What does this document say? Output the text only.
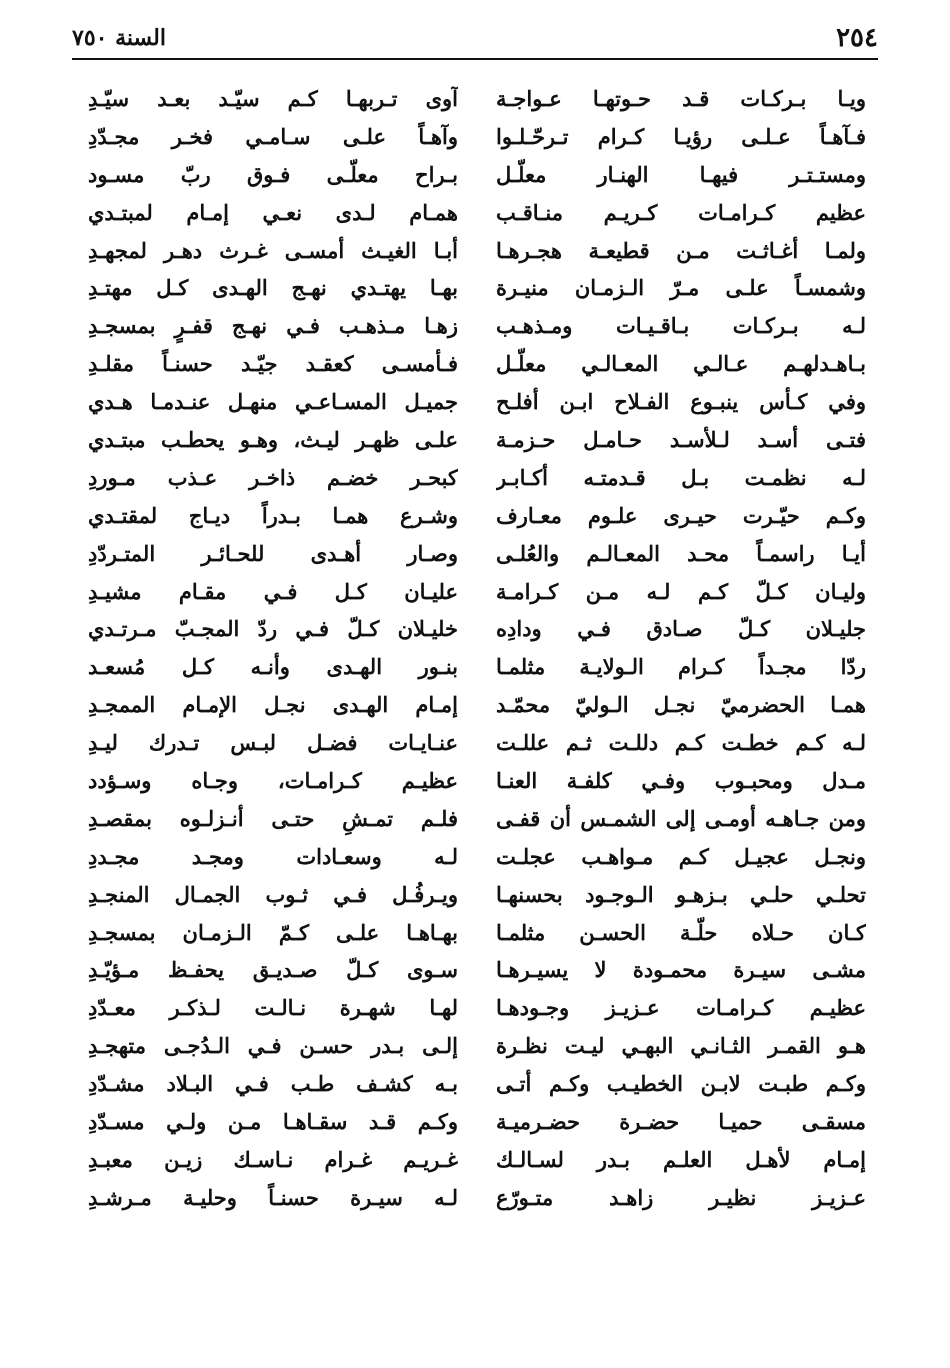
٢٥٤
السنة ٧٥٠
ويـا بـركـات قـد حـوتهـا عـواجـة
فـآهـاً عـلـى رؤيـا كـرام تـرحّـلـوا
ومستـتـر فيهـا الهنـار معلّـل
عظيم كـرامـات كـريـم منـاقـب
ولمـا أغـاثـت مـن قطيعـة هجـرهـا
وشمسـاً علـى مـرّ الـزمـان منيـرة
لـه بـركـات بـاقـيـات ومـذهـب
بـاهـدلهـم عـالـي المعـالـي معلّـل
وفي كـأس ينبـوع الفـلاح ابـن أفلـح
فتـى أسـد لـلأسـد حـامـل حـزمـة
لـه نظمـت بـل قـدمتـه أكـابـر
وكـم حيّـرت حيـرى علـوم معـارف
أيـا راسمـاً محـد المعـالـم والعُلـى
وليـان كـلّ كـم لـه مـن كـرامـة
جليـلان كـلّ صـادق فـي ودادِه
ردّا مجـداً كـرام الـولايـة مثلمـا
همـا الحضرميّ نجـل الـوليّ محمّـد
لـه كـم خطـت كـم دللـت ثـم عللـت
مـدل ومحبـوب وفـي كلفـة العنـا
ومن جـاهـه أومـى إلى الشمـس أن قفـى
ونجـل عجيـل كـم مـواهـب عجلـت
تحلـي حلـي بـزهـو الـوجـود بحسنهـا
كـان حـلاه حلّـة الحسـن مثلمـا
مشـى سيـرة محمـودة لا يسيـرهـا
عظيـم كـرامـات عـزيـز وجـودهـا
هـو القمـر الثـانـي البهـي ليـت نظـرة
وكـم طبـت لابـن الخطيـب وكـم أتـى
مسقـى حميـا حضـرة حضـرميـة
إمـام لأهـل العلـم بـدر لسـالـك
عـزيـز نظيـر زاهـد متـورّع
آوى تـربهـا كـم سيّـد بعـد سيّـدِ
وآهـاً علـى سـامـي فخـر مجـدّدِ
بـراح معلّـى فـوق ربّ مسـود
همـام لـدى نعـي إمـام لمبتـدي
أبـا الغيـث أمسـى غـرث دهـر لمجهـدِ
بهـا يهتـدي نهـج الهـدى كـل مهتـدِ
زهـا مـذهـب فـي نهـج قفـرٍ بمسجـدِ
فـأمسـى كعقـد جيّـد حسنـاً مقلـدِ
جميـل المسـاعـي منهـل عنـدمـا هـدي
علـى ظهـر ليـث، وهـو يحطـب مبتـدي
كبحـر خضـم ذاخـر عـذب مـوردِ
وشـرع همـا بـدراً ديـاج لمقتـدي
وصـار أهـدى للحـائـر المتـردّدِ
عليـان كـل فـي مقـام مشيـدِ
خليـلان كـلّ فـي ردّ المجـبّ مـرتـدي
بنـور الهـدى وأنـه كـل مُسعـد
إمـام الهـدى نجـل الإمـام الممجـدِ
عنـايـات فضـل لبـس تـدرك ليـدِ
عظيـم كـرامـات، وجـاه وسـؤدد
فلـم تمـشِ حتـى أنـزلـوه بمقصـدِ
لـه وسعـادات ومجـد مجـددِ
ويـرفُـل فـي ثـوب الجمـال المنجـدِ
بهـاهـا علـى كـمّ الـزمـان بمسجـدِ
سـوى كـلّ صـديـق يحفـظ مـؤيّـدِ
لهـا شهـرة نـالـت لـذكـر معـدّدِ
إلـى بـدر حسـن فـي الـدُجـى متهجـدِ
بـه كشـف طـب فـي البـلاد مشـدّدِ
وكـم قـد سقـاهـا مـن ولـي مسـدّدِ
غـريـم غـرام نـاسـك زيـن معبـدِ
لـه سيـرة حسنـاً وحليـة مـرشـدِ
